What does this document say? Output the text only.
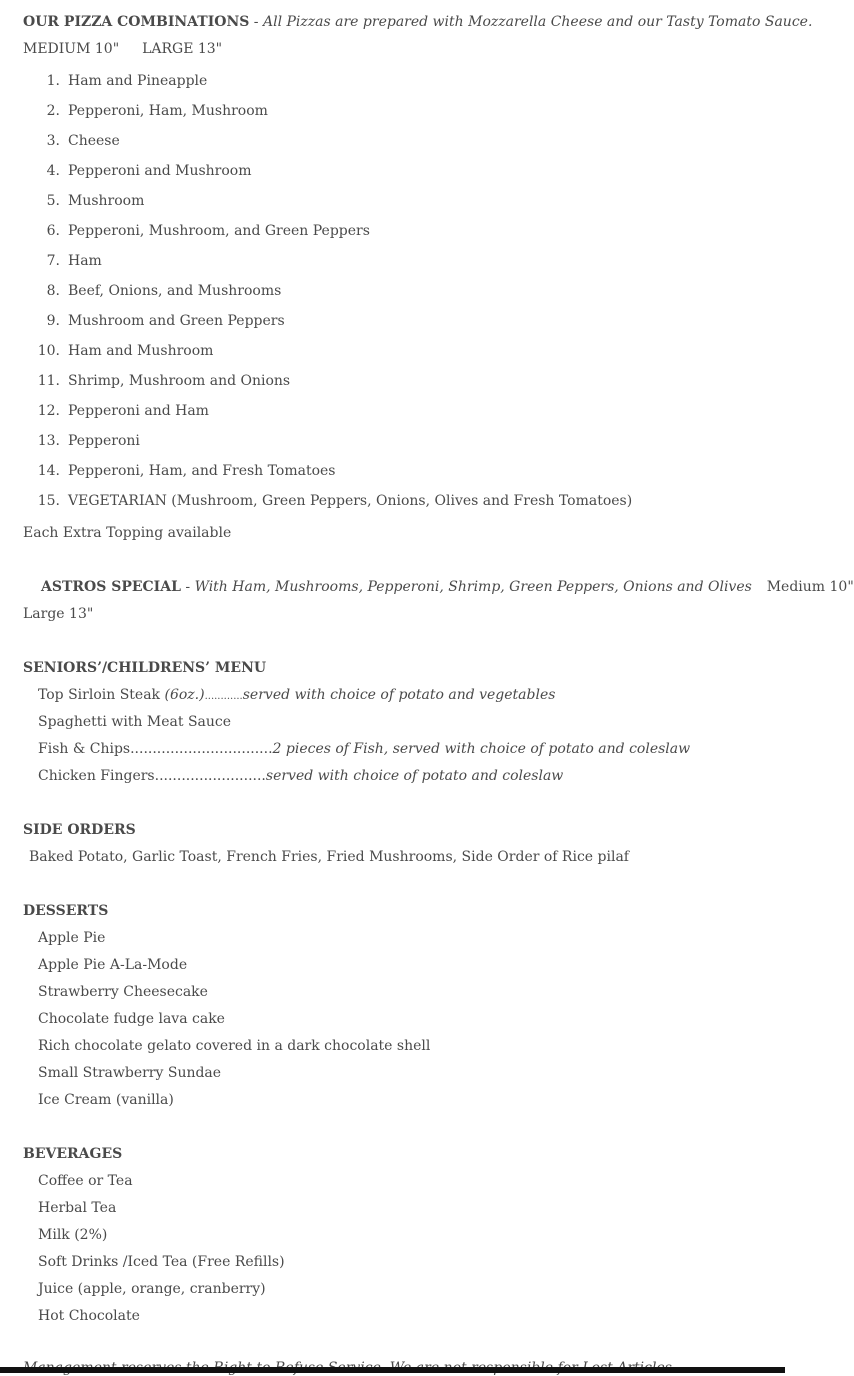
OUR PIZZA COMBINATIONS - All Pizzas are prepared with Mozzarella Cheese and our Tasty Tomato Sauce.
MEDIUM 10" LARGE 13"
1. Ham and Pineapple
2. Pepperoni, Ham, Mushroom
3. Cheese
4. Pepperoni and Mushroom
5. Mushroom
6. Pepperoni, Mushroom, and Green Peppers
7. Ham
8. Beef, Onions, and Mushrooms
9. Mushroom and Green Peppers
10. Ham and Mushroom
11. Shrimp, Mushroom and Onions
12. Pepperoni and Ham
13. Pepperoni
14. Pepperoni, Ham, and Fresh Tomatoes
15. VEGETARIAN (Mushroom, Green Peppers, Onions, Olives and Fresh Tomatoes)
Each Extra Topping available
ASTROS SPECIAL - With Ham, Mushrooms, Pepperoni, Shrimp, Green Peppers, Onions and Olives Medium 10"
Large 13"
SENIORS’/CHILDRENS’ MENU
Top Sirloin Steak (6oz.)............served with choice of potato and vegetables
Spaghetti with Meat Sauce
Fish & Chips................................2 pieces of Fish, served with choice of potato and coleslaw
Chicken Fingers.........................served with choice of potato and coleslaw
SIDE ORDERS
Baked Potato, Garlic Toast, French Fries, Fried Mushrooms, Side Order of Rice pilaf
DESSERTS
Apple Pie
Apple Pie A-La-Mode
Strawberry Cheesecake
Chocolate fudge lava cake
Rich chocolate gelato covered in a dark chocolate shell
Small Strawberry Sundae
Ice Cream (vanilla)
BEVERAGES
Coffee or Tea
Herbal Tea
Milk (2%)
Soft Drinks /Iced Tea (Free Refills)
Juice (apple, orange, cranberry)
Hot Chocolate
